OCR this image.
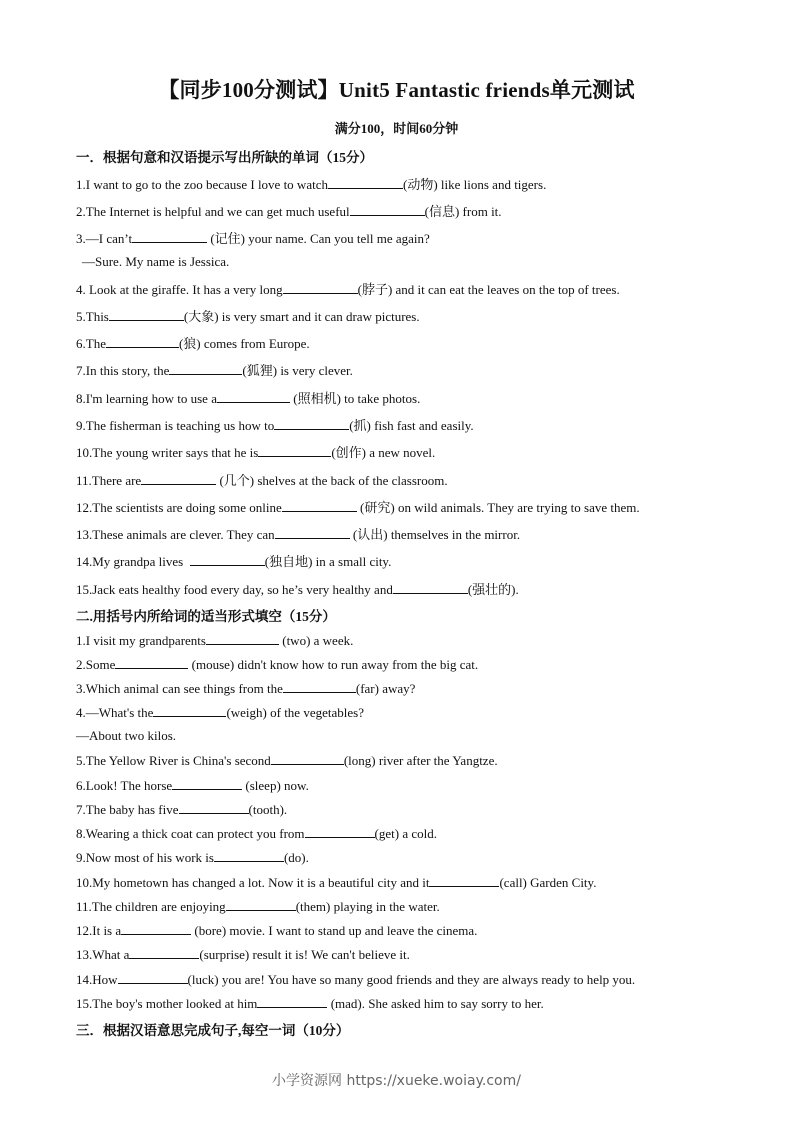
【同步100分测试】Unit5 Fantastic friends单元测试
满分100，时间60分钟
一．根据句意和汉语提示写出所缺的单词（15分）
1.I want to go to the zoo because I love to watch	(动物) like lions and tigers.
2.The Internet is helpful and we can get much useful	(信息) from it.
3.—I can’t	(记住) your name. Can you tell me again?
—Sure. My name is Jessica.
4. Look at the giraffe. It has a very long	(脖子) and it can eat the leaves on the top of trees.
5.This	(大象) is very smart and it can draw pictures.
6.The	(狼) comes from Europe.
7.In this story, the	(狐狸) is very clever.
8.I'm learning how to use a	(照相机) to take photos.
9.The fisherman is teaching us how to	(抓) fish fast and easily.
10.The young writer says that he is	(创作) a new novel.
11.There are	(几个) shelves at the back of the classroom.
12.The scientists are doing some online	(研究) on wild animals. They are trying to save them.
13.These animals are clever. They can	(认出) themselves in the mirror.
14.My grandpa lives	(独自地) in a small city.
15.Jack eats healthy food every day, so he’s very healthy and	(强壮的).
二.用括号内所给词的适当形式填空（15分）
1.I visit my grandparents	(two) a week.
2.Some	(mouse) didn't know how to run away from the big cat.
3.Which animal can see things from the	(far) away?
4.—What's the	(weigh) of the vegetables?
—About two kilos.
5.The Yellow River is China's second	(long) river after the Yangtze.
6.Look! The horse	(sleep) now.
7.The baby has five	(tooth).
8.Wearing a thick coat can protect you from	(get) a cold.
9.Now most of his work is	(do).
10.My hometown has changed a lot. Now it is a beautiful city and it	(call) Garden City.
11.The children are enjoying	(them) playing in the water.
12.It is a	(bore) movie. I want to stand up and leave the cinema.
13.What a	(surprise) result it is! We can't believe it.
14.How	(luck) you are! You have so many good friends and they are always ready to help you.
15.The boy's mother looked at him	(mad). She asked him to say sorry to her.
三．根据汉语意思完成句子,每空一词（10分）
小学资源网 https://xueke.woiay.com/
